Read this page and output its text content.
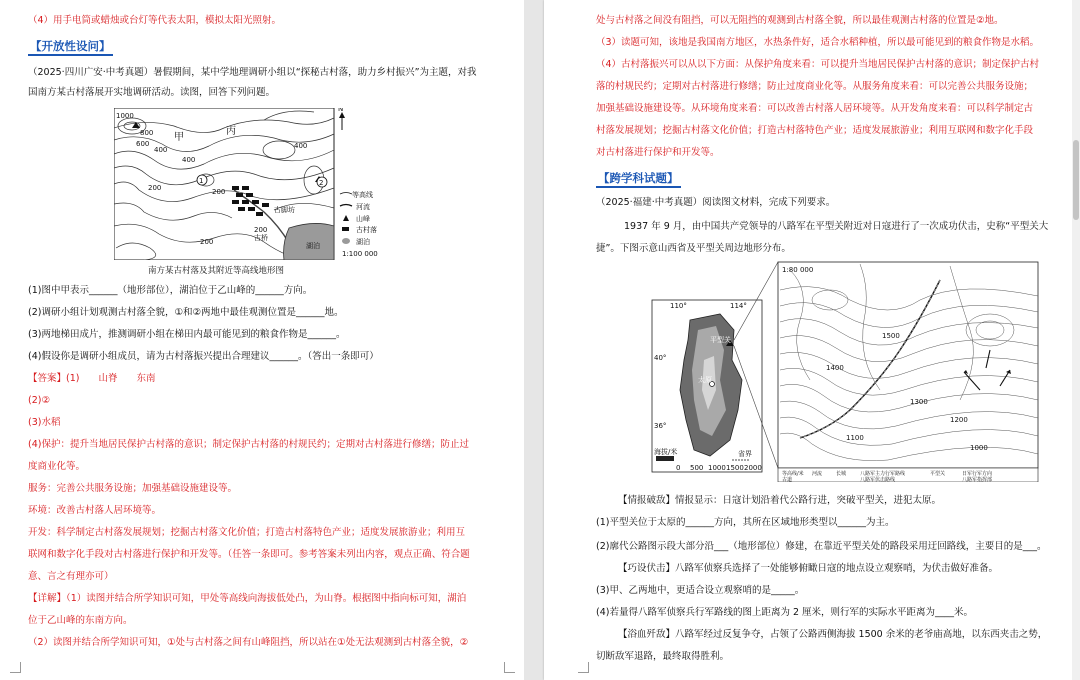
（4）用手电筒或蜡烛或台灯等代表太阳，模拟太阳光照射。
【开放性设问】
（2025·四川广安·中考真题）暑假期间，某中学地理调研小组以“探秘古村落，助力乡村振兴”为主题，对我
国南方某古村落展开实地调研活动。读图，回答下列问题。
1000
800
600
400
400
400
200	200
200
200
甲
丙
1	2
古脚坊
古桥
湖泊
N
等高线
河流
山峰
古村落
湖泊
1:100 000
南方某古村落及其附近等高线地形图
(1)图中甲表示______（地形部位），湖泊位于乙山峰的______方向。
(2)调研小组计划观测古村落全貌，①和②两地中最佳观测位置是______地。
(3)两地梯田成片，推测调研小组在梯田内最可能见到的粮食作物是______。
(4)假设你是调研小组成员，请为古村落振兴提出合理建议______。（答出一条即可）
【答案】(1)　　山脊　　东南
(2)②
(3)水稻
(4)保护：提升当地居民保护古村落的意识；制定保护古村落的村规民约；定期对古村落进行修缮；防止过
度商业化等。
服务：完善公共服务设施；加强基础设施建设等。
环境：改善古村落人居环境等。
开发：科学制定古村落发展规划；挖掘古村落文化价值；打造古村落特色产业；适度发展旅游业；利用互
联网和数字化手段对古村落进行保护和开发等。（任答一条即可。参考答案未列出内容，观点正确、符合题
意、言之有理亦可）
【详解】（1）读图并结合所学知识可知，甲处等高线向海拔低处凸，为山脊。根据图中指向标可知，湖泊
位于乙山峰的东南方向。
（2）读图并结合所学知识可知，①处与古村落之间有山峰阻挡，所以站在①处无法观测到古村落全貌，②
处与古村落之间没有阻挡，可以无阻挡的观测到古村落全貌，所以最佳观测古村落的位置是②地。
（3）读题可知，该地是我国南方地区，水热条件好，适合水稻种植，所以最可能见到的粮食作物是水稻。
（4）古村落振兴可以从以下方面：从保护角度来看：可以提升当地居民保护古村落的意识；制定保护古村
落的村规民约；定期对古村落进行修缮；防止过度商业化等。从服务角度来看：可以完善公共服务设施；
加强基础设施建设等。从环境角度来看：可以改善古村落人居环境等。从开发角度来看：可以科学制定古
村落发展规划；挖掘古村落文化价值；打造古村落特色产业；适度发展旅游业；利用互联网和数字化手段
对古村落进行保护和开发等。
【跨学科试题】
（2025·福建·中考真题）阅读图文材料，完成下列要求。
1937 年 9 月，由中国共产党领导的八路军在平型关附近对日寇进行了一次成功伏击，史称“平型关大
捷”。下图示意山西省及平型关周边地形分布。
110°	114°
40°
36°
太原
平型关
海拔/米
0 500 1000 1500 2000
省界
1:80 000
1500
1400
1300
1200
1100
1000
等高线/米 河流	长城	八路军主力行军路线	平型关	日军行军方向
古道	八路军伏击路线	八路军指挥部
【情报破敌】情报显示：日寇计划沿着代公路行进，突破平型关，进犯太原。
(1)平型关位于太原的______方向，其所在区域地形类型以______为主。
(2)廓代公路图示段大部分沿___（地形部位）修建，在靠近平型关处的路段采用迂回路线，主要目的是___。
【巧设伏击】八路军侦察兵选择了一处能够俯瞰日寇的地点设立观察哨，为伏击做好准备。
(3)甲、乙两地中，更适合设立观察哨的是_____。
(4)若量得八路军侦察兵行军路线的图上距离为 2 厘米，则行军的实际水平距离为____米。
【浴血歼敌】八路军经过反复争夺，占领了公路西侧海拔 1500 余米的老爷庙高地，以东西夹击之势，
切断敌军退路，最终取得胜利。
